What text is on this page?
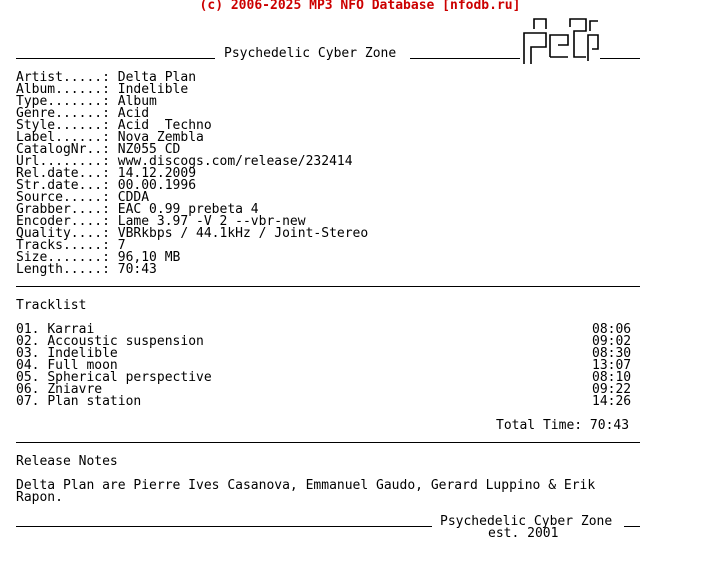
(c) 2006-2025 MP3 NFO Database [nfodb.ru]
Psychedelic Cyber Zone
Artist.....: Delta Plan
Album......: Indelible
Type.......: Album
Genre......: Acid
Style......: Acid  Techno
Label......: Nova Zembla
CatalogNr..: NZ055 CD
Url........: www.discogs.com/release/232414
Rel.date...: 14.12.2009
Str.date...: 00.00.1996
Source.....: CDDA
Grabber....: EAC 0.99 prebeta 4
Encoder....: Lame 3.97 -V 2 --vbr-new
Quality....: VBRkbps / 44.1kHz / Joint-Stereo
Tracks.....: 7
Size.......: 96,10 MB
Length.....: 70:43
Tracklist
01. Karrai	08:06
02. Accoustic suspension	09:02
03. Indelible	08:30
04. Full moon	13:07
05. Spherical perspective	08:10
06. Zniavre	09:22
07. Plan station	14:26
Total Time: 70:43
Release Notes
Delta Plan are Pierre Ives Casanova, Emmanuel Gaudo, Gerard Luppino & Erik
Rapon.
Psychedelic Cyber Zone
est. 2001
